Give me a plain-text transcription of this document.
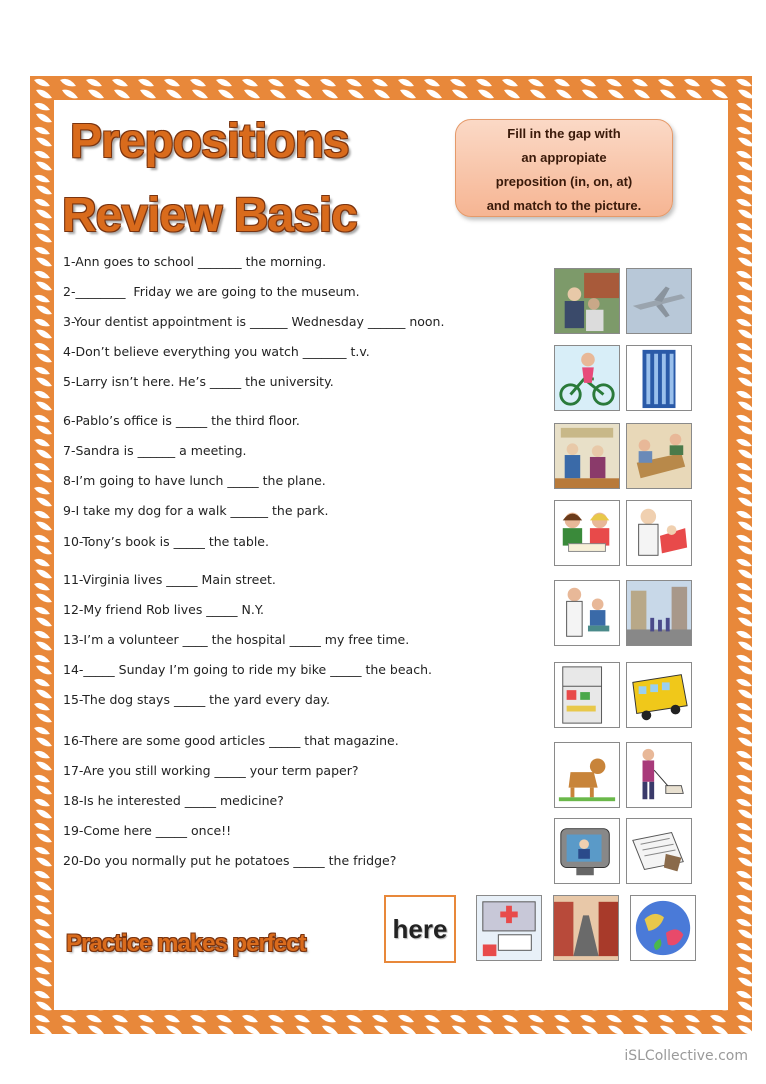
Prepositions
Review Basic
Fill in the gap with
an appropiate
preposition (in, on, at)
and match to the picture.
1-Ann goes to school _______ the morning.
2-________  Friday we are going to the museum.
3-Your dentist appointment is ______ Wednesday ______ noon.
4-Don’t believe everything you watch _______ t.v.
5-Larry isn’t here. He’s _____ the university.
6-Pablo’s office is _____ the third floor.
7-Sandra is ______ a meeting.
8-I’m going to have lunch _____ the plane.
9-I take my dog for a walk ______ the park.
10-Tony’s book is _____ the table.
11-Virginia lives _____ Main street.
12-My friend Rob lives _____ N.Y.
13-I’m a volunteer ____ the hospital _____ my free time.
14-_____ Sunday I’m going to ride my bike _____ the beach.
15-The dog stays _____ the yard every day.
16-There are some good articles _____ that magazine.
17-Are you still working _____ your term paper?
18-Is he interested _____ medicine?
19-Come here _____ once!!
20-Do you normally put he potatoes _____ the fridge?
here
Practice makes perfect
iSLCollective.com
